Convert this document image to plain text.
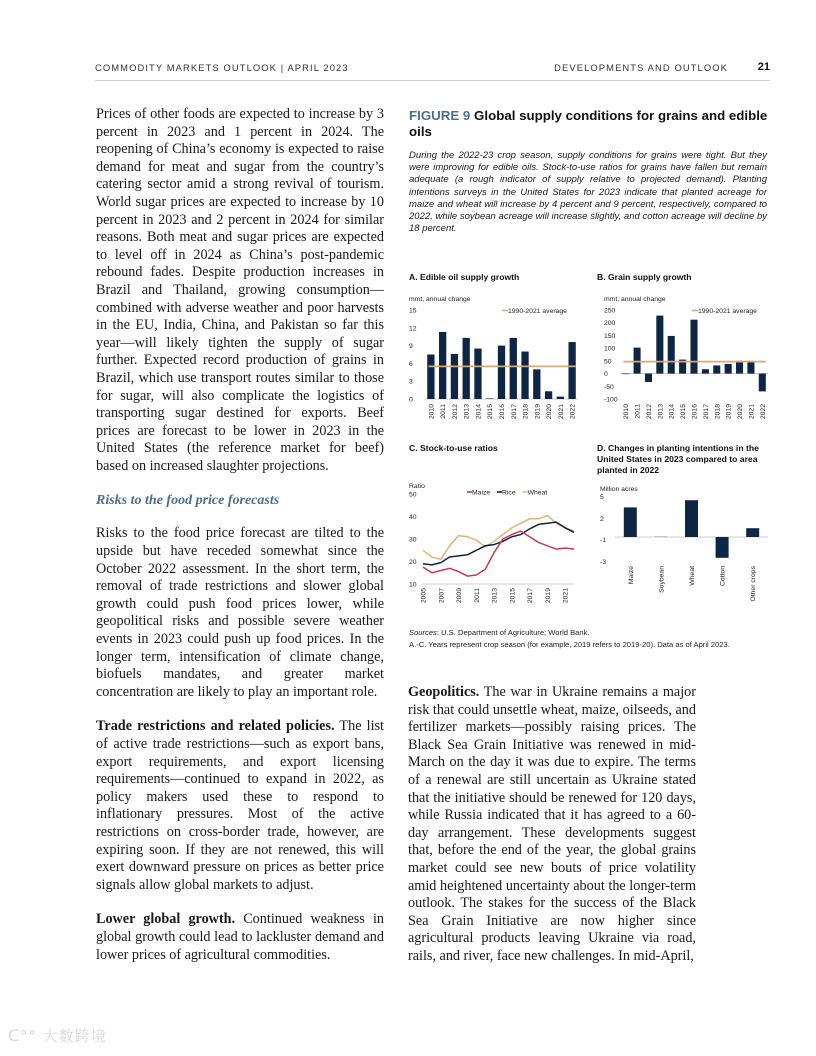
COMMODITY MARKETS OUTLOOK | APRIL 2023	DEVELOPMENTS AND OUTLOOK	21

Prices of other foods are expected to increase by 3 percent in 2023 and 1 percent in 2024. The reopening of China’s economy is expected to raise demand for meat and sugar from the country’s catering sector amid a strong revival of tourism. World sugar prices are expected to increase by 10 percent in 2023 and 2 percent in 2024 for similar reasons. Both meat and sugar prices are expected to level off in 2024 as China’s post-pandemic rebound fades. Despite production increases in Brazil and Thailand, growing consumption—combined with adverse weather and poor harvests in the EU, India, China, and Pakistan so far this year—will likely tighten the supply of sugar further. Expected record production of grains in Brazil, which use transport routes similar to those for sugar, will also complicate the logistics of transporting sugar destined for exports. Beef prices are forecast to be lower in 2023 in the United States (the reference market for beef) based on increased slaughter projections.

Risks to the food price forecasts

Risks to the food price forecast are tilted to the upside but have receded somewhat since the October 2022 assessment. In the short term, the removal of trade restrictions and slower global growth could push food prices lower, while geopolitical risks and possible severe weather events in 2023 could push up food prices. In the longer term, intensification of climate change, biofuels mandates, and greater market concentration are likely to play an important role.

Trade restrictions and related policies. The list of active trade restrictions—such as export bans, export requirements, and export licensing requirements—continued to expand in 2022, as policy makers used these to respond to inflationary pressures. Most of the active restrictions on cross-border trade, however, are expiring soon. If they are not renewed, this will exert downward pressure on prices as better price signals allow global markets to adjust.

Lower global growth. Continued weakness in global growth could lead to lackluster demand and lower prices of agricultural commodities.

FIGURE 9 Global supply conditions for grains and edible oils
During the 2022-23 crop season, supply conditions for grains were tight. But they were improving for edible oils. Stock-to-use ratios for grains have fallen but remain adequate (a rough indicator of supply relative to projected demand). Planting intentions surveys in the United States for 2023 indicate that planted acreage for maize and wheat will increase by 4 percent and 9 percent, respectively, compared to 2022, while soybean acreage will increase slightly, and cotton acreage will decline by 18 percent.
A. Edible oil supply growth	B. Grain supply growth
C. Stock-to-use ratios	D. Changes in planting intentions in the United States in 2023 compared to area planted in 2022
mmt, annual change
0
3
6
9
12
15
2010 2011 2012 2013 2014 2015 2016 2017 2018 2019 2020 2021 2022
1990-2021 average
mmt, annual change
-100
-50
0
50
100
150
200
250
2010 2011 2012 2013 2014 2015 2016 2017 2018 2019 2020 2021 2022
1990-2021 average
Ratio
10
20
30
40
50
2005 2007 2009 2011 2013 2015 2017 2019 2021
Maize Rice Wheat	Million acres
5
2
-1
-3
Maize	Soybean	Wheat	Cotton	Other crops
Sources: U.S. Department of Agriculture; World Bank.
A.-C. Years represent crop season (for example, 2019 refers to 2019-20). Data as of April 2023.

Geopolitics. The war in Ukraine remains a major risk that could unsettle wheat, maize, oilseeds, and fertilizer markets—possibly raising prices. The Black Sea Grain Initiative was renewed in mid-March on the day it was due to expire. The terms of a renewal are still uncertain as Ukraine stated that the initiative should be renewed for 120 days, while Russia indicated that it has agreed to a 60-day arrangement. These developments suggest that, before the end of the year, the global grains market could see new bouts of price volatility amid heightened uncertainty about the longer-term outlook. The stakes for the success of the Black Sea Grain Initiative are now higher since agricultural products leaving Ukraine via road, rails, and river, face new challenges. In mid-April,

ᑕ°° 大数跨境
